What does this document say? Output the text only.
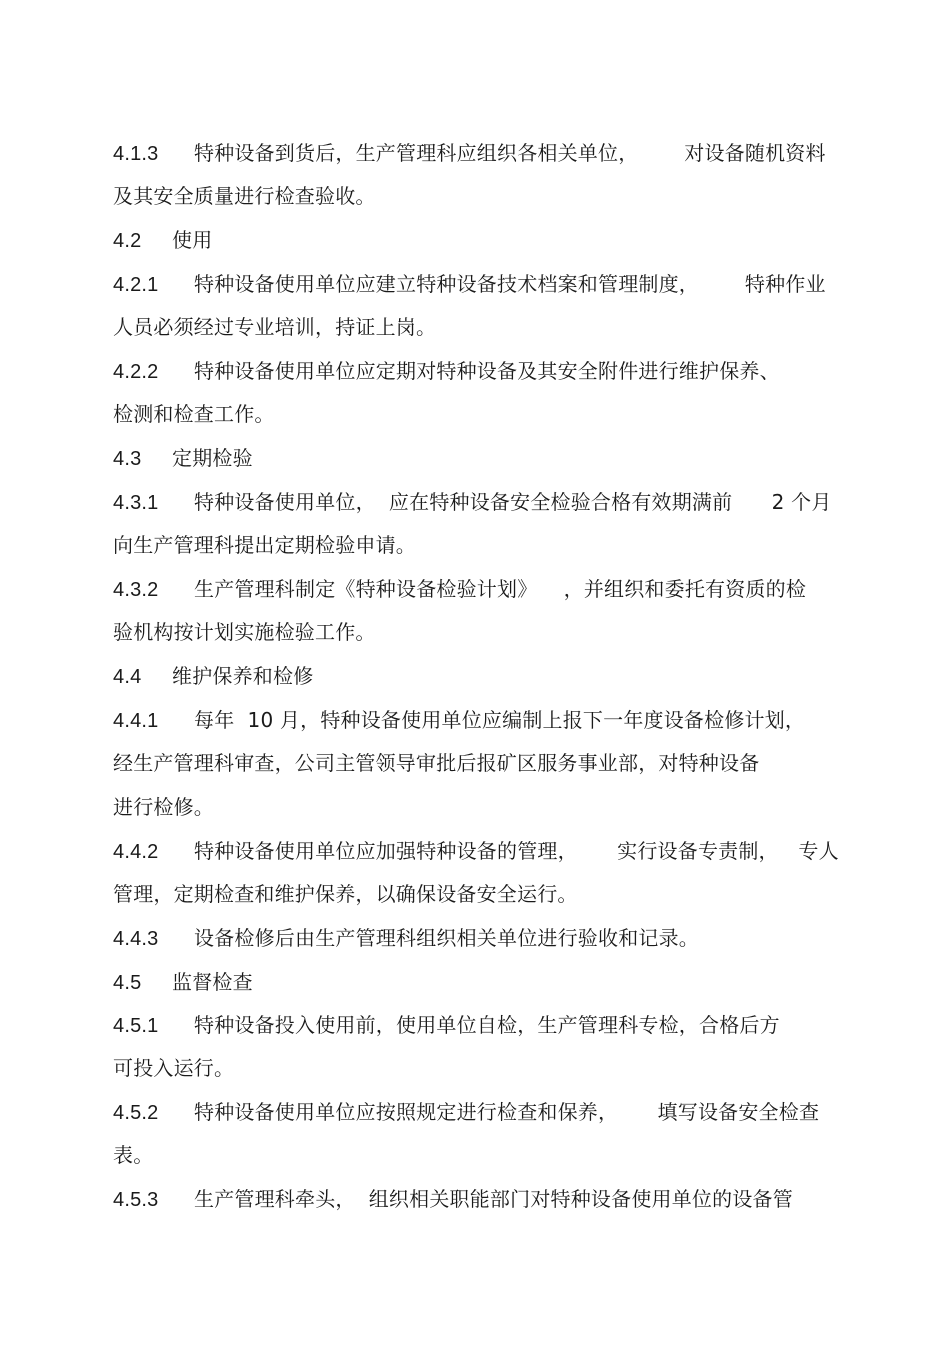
4.1.3 特种设备到货后，生产管理科应组织各相关单位，       对设备随机资料
及其安全质量进行检查验收。
4.2 使用
4.2.1 特种设备使用单位应建立特种设备技术档案和管理制度，       特种作业
人员必须经过专业培训，持证上岗。
4.2.2 特种设备使用单位应定期对特种设备及其安全附件进行维护保养、
检测和检查工作。
4.3 定期检验
4.3.1 特种设备使用单位，  应在特种设备安全检验合格有效期满前      2 个月
向生产管理科提出定期检验申请。
4.3.2 生产管理科制定《特种设备检验计划》    ，并组织和委托有资质的检
验机构按计划实施检验工作。
4.4 维护保养和检修
4.4.1 每年  10 月，特种设备使用单位应编制上报下一年度设备检修计划，
经生产管理科审查，公司主管领导审批后报矿区服务事业部，对特种设备
进行检修。
4.4.2 特种设备使用单位应加强特种设备的管理，      实行设备专责制，   专人
管理，定期检查和维护保养，以确保设备安全运行。
4.4.3 设备检修后由生产管理科组织相关单位进行验收和记录。
4.5 监督检查
4.5.1 特种设备投入使用前，使用单位自检，生产管理科专检，合格后方
可投入运行。
4.5.2 特种设备使用单位应按照规定进行检查和保养，      填写设备安全检查
表。
4.5.3 生产管理科牵头，  组织相关职能部门对特种设备使用单位的设备管
